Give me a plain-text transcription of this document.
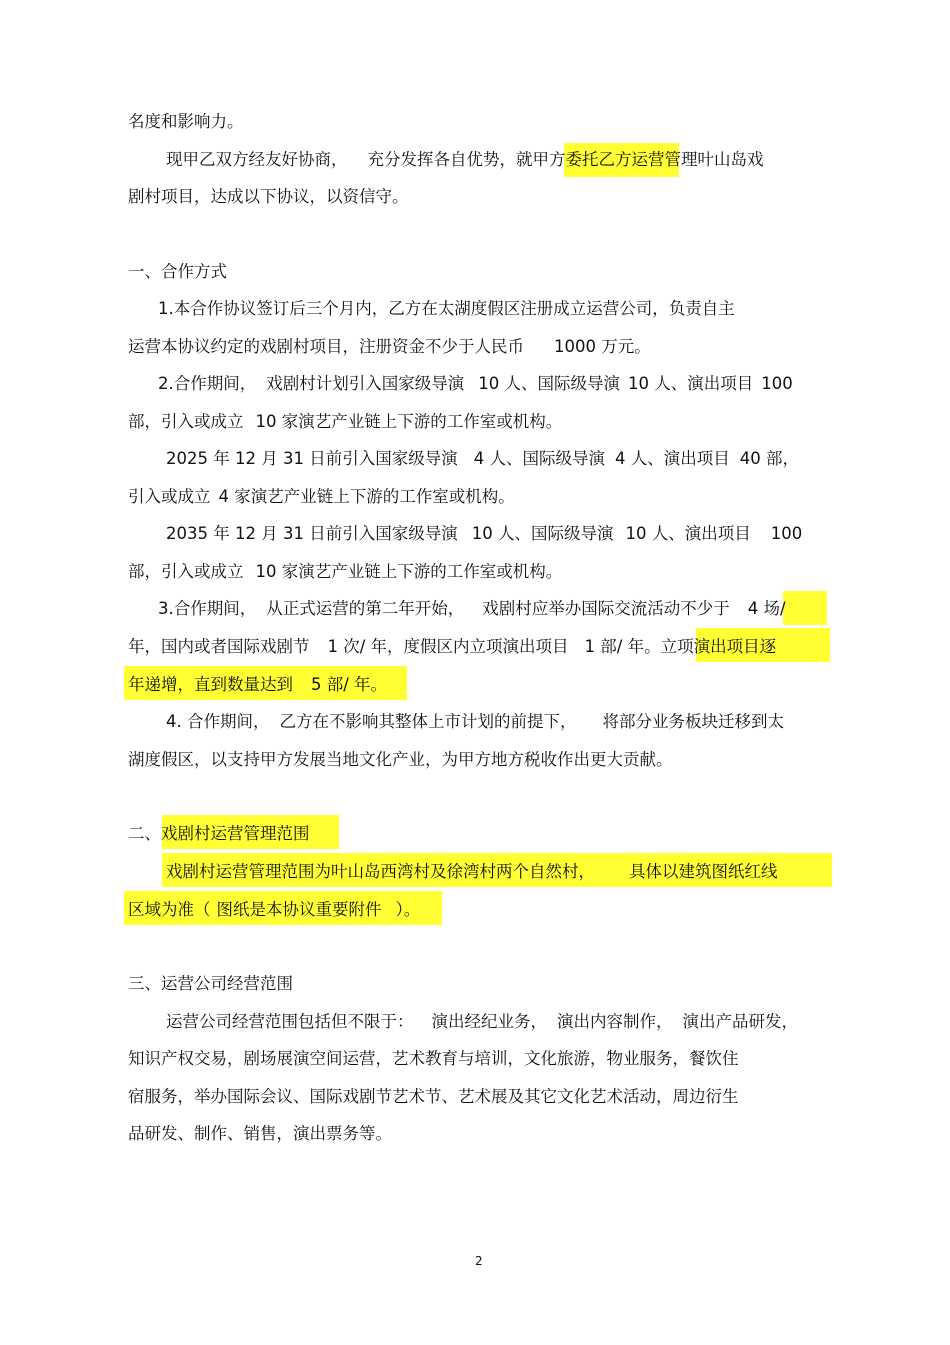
名度和影响力。
现甲乙双方经友好协商， 充分发挥各自优势，就甲方委托乙方运营管理叶山岛戏
剧村项目，达成以下协议，以资信守。
一、合作方式
1.本合作协议签订后三个月内，乙方在太湖度假区注册成立运营公司，负责自主
运营本协议约定的戏剧村项目，注册资金不少于人民币 1000 万元。
2.合作期间， 戏剧村计划引入国家级导演 10 人、国际级导演 10 人、演出项目 100
部，引入或成立 10 家演艺产业链上下游的工作室或机构。
2025 年 12 月 31 日前引入国家级导演 4 人、国际级导演 4 人、演出项目 40 部，
引入或成立 4 家演艺产业链上下游的工作室或机构。
2035 年 12 月 31 日前引入国家级导演 10 人、国际级导演 10 人、演出项目 100
部，引入或成立 10 家演艺产业链上下游的工作室或机构。
3.合作期间， 从正式运营的第二年开始， 戏剧村应举办国际交流活动不少于 4 场/
年，国内或者国际戏剧节 1 次/ 年，度假区内立项演出项目 1 部/ 年。立项演出项目逐
年递增，直到数量达到 5 部/ 年。
4. 合作期间， 乙方在不影响其整体上市计划的前提下， 将部分业务板块迁移到太
湖度假区，以支持甲方发展当地文化产业，为甲方地方税收作出更大贡献。
二、戏剧村运营管理范围
戏剧村运营管理范围为叶山岛西湾村及徐湾村两个自然村， 具体以建筑图纸红线
区域为准（ 图纸是本协议重要附件 ）。
三、运营公司经营范围
运营公司经营范围包括但不限于： 演出经纪业务， 演出内容制作， 演出产品研发，
知识产权交易，剧场展演空间运营，艺术教育与培训，文化旅游，物业服务，餐饮住
宿服务，举办国际会议、国际戏剧节艺术节、艺术展及其它文化艺术活动，周边衍生
品研发、制作、销售，演出票务等。
2
